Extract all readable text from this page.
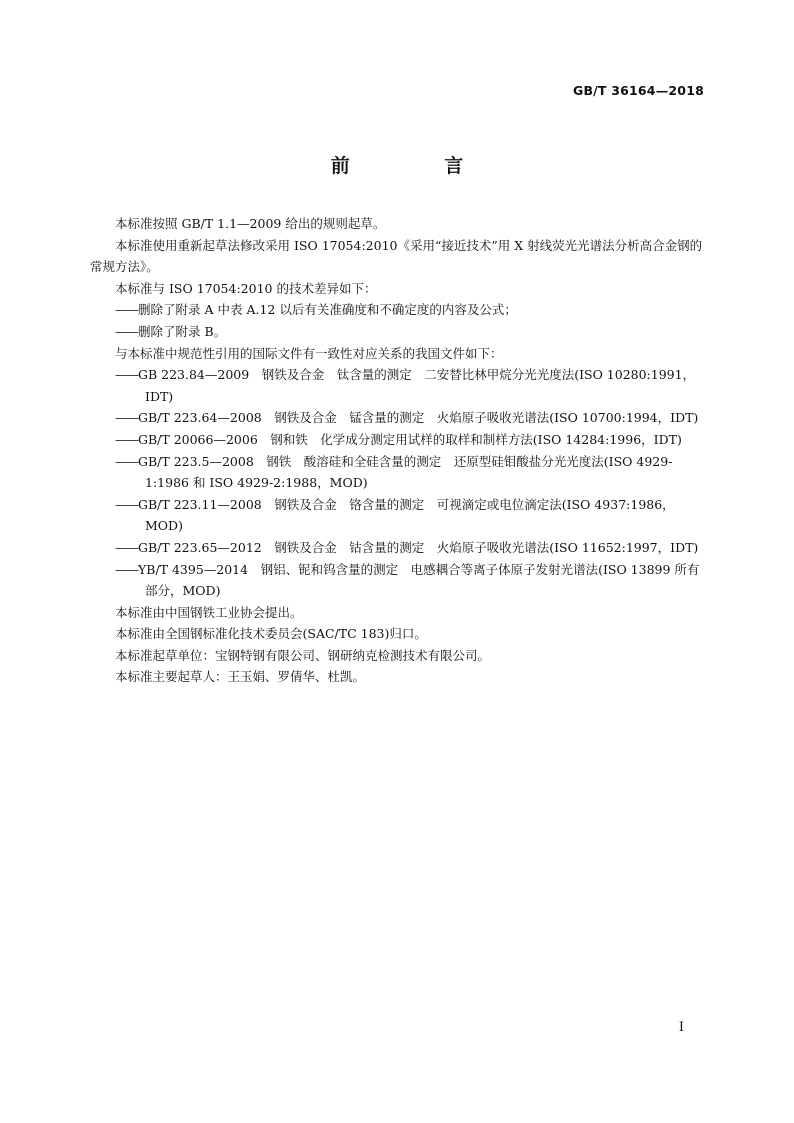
GB/T 36164—2018
前 言

本标准按照 GB/T 1.1—2009 给出的规则起草。

本标准使用重新起草法修改采用 ISO 17054:2010《采用“接近技术”用 X 射线荧光光谱法分析高合金钢的常规方法》。

本标准与 ISO 17054:2010 的技术差异如下：

——删除了附录 A 中表 A.12 以后有关准确度和不确定度的内容及公式；

——删除了附录 B。

与本标准中规范性引用的国际文件有一致性对应关系的我国文件如下：

——GB 223.84—2009　钢铁及合金　钛含量的测定　二安替比林甲烷分光光度法(ISO 10280:1991，IDT)

——GB/T 223.64—2008　钢铁及合金　锰含量的测定　火焰原子吸收光谱法(ISO 10700:1994，IDT)

——GB/T 20066—2006　钢和铁　化学成分测定用试样的取样和制样方法(ISO 14284:1996，IDT)

——GB/T 223.5—2008　钢铁　酸溶硅和全硅含量的测定　还原型硅钼酸盐分光光度法(ISO 4929-1:1986 和 ISO 4929-2:1988，MOD)

——GB/T 223.11—2008　钢铁及合金　铬含量的测定　可视滴定或电位滴定法(ISO 4937:1986，MOD)

——GB/T 223.65—2012　钢铁及合金　钴含量的测定　火焰原子吸收光谱法(ISO 11652:1997，IDT)

——YB/T 4395—2014　钢铝、铌和钨含量的测定　电感耦合等离子体原子发射光谱法(ISO 13899 所有部分，MOD)

本标准由中国钢铁工业协会提出。

本标准由全国钢标准化技术委员会(SAC/TC 183)归口。

本标准起草单位：宝钢特钢有限公司、钢研纳克检测技术有限公司。

本标准主要起草人：王玉娟、罗倩华、杜凯。

I
